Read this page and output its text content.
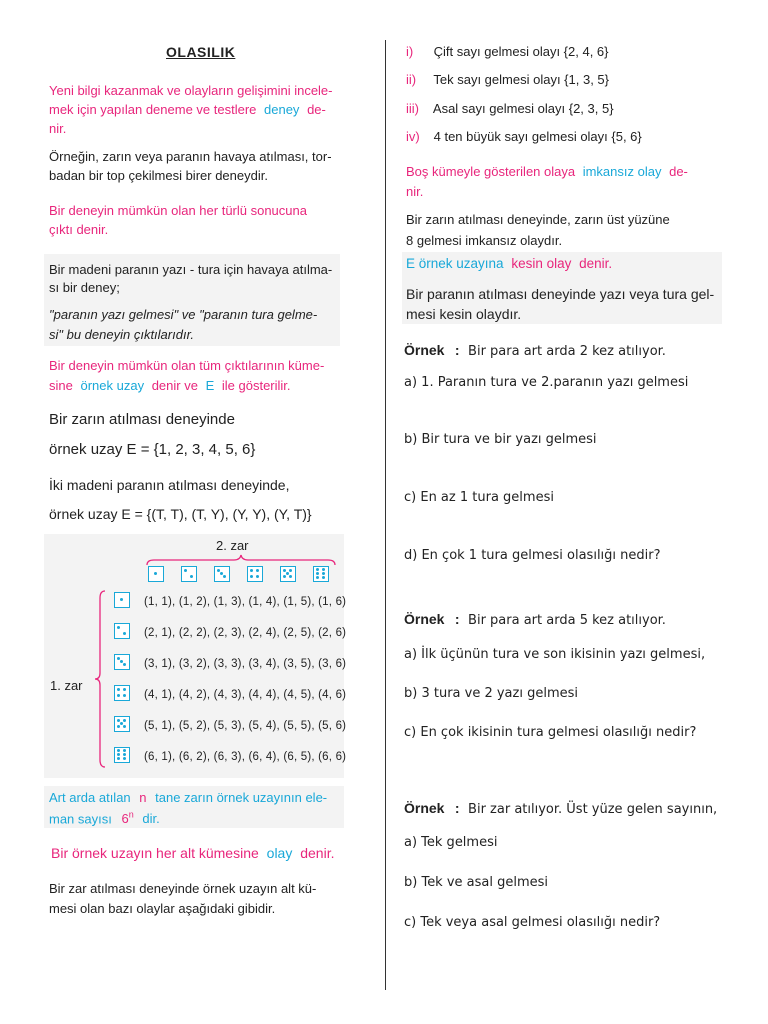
OLASILIK
Yeni bilgi kazanmak ve olayların gelişimini incele-
mek için yapılan deneme ve testlere deney de-
nir.
Örneğin, zarın veya paranın havaya atılması, tor-
badan bir top çekilmesi birer deneydir.
Bir deneyin mümkün olan her türlü sonucuna
çıktı denir.
Bir madeni paranın yazı - tura için havaya atılma-
sı bir deney;
"paranın yazı gelmesi" ve "paranın tura gelme-
si" bu deneyin çıktılarıdır.
Bir deneyin mümkün olan tüm çıktılarının küme-
sine örnek uzay denir ve E ile gösterilir.
Bir zarın atılması deneyinde
örnek uzay E = {1, 2, 3, 4, 5, 6}
İki madeni paranın atılması deneyinde,
örnek uzay E = {(T, T), (T, Y), (Y, Y), (Y, T)}
2. zar
1. zar
(1, 1), (1, 2), (1, 3), (1, 4), (1, 5), (1, 6)
(2, 1), (2, 2), (2, 3), (2, 4), (2, 5), (2, 6)
(3, 1), (3, 2), (3, 3), (3, 4), (3, 5), (3, 6)
(4, 1), (4, 2), (4, 3), (4, 4), (4, 5), (4, 6)
(5, 1), (5, 2), (5, 3), (5, 4), (5, 5), (5, 6)
(6, 1), (6, 2), (6, 3), (6, 4), (6, 5), (6, 6)
Art arda atılan n tane zarın örnek uzayının ele-
man sayısı 6$^n$ dir.
Bir örnek uzayın her alt kümesine olay denir.
Bir zar atılması deneyinde örnek uzayın alt kü-
mesi olan bazı olaylar aşağıdaki gibidir.
i) Çift sayı gelmesi olayı {2, 4, 6}
ii) Tek sayı gelmesi olayı {1, 3, 5}
iii) Asal sayı gelmesi olayı {2, 3, 5}
iv) 4 ten büyük sayı gelmesi olayı {5, 6}
Boş kümeyle gösterilen olaya imkansız olay de-
nir.
Bir zarın atılması deneyinde, zarın üst yüzüne
8 gelmesi imkansız olaydır.
E örnek uzayına kesin olay denir.
Bir paranın atılması deneyinde yazı veya tura gel-
mesi kesin olaydır.
Örnek : Bir para art arda 2 kez atılıyor.
a) 1. Paranın tura ve 2.paranın yazı gelmesi
b) Bir tura ve bir yazı gelmesi
c) En az 1 tura gelmesi
d) En çok 1 tura gelmesi olasılığı nedir?
Örnek : Bir para art arda 5 kez atılıyor.
a) İlk üçünün tura ve son ikisinin yazı gelmesi,
b) 3 tura ve 2 yazı gelmesi
c) En çok ikisinin tura gelmesi olasılığı nedir?
Örnek : Bir zar atılıyor. Üst yüze gelen sayının,
a) Tek gelmesi
b) Tek ve asal gelmesi
c) Tek veya asal gelmesi olasılığı nedir?
